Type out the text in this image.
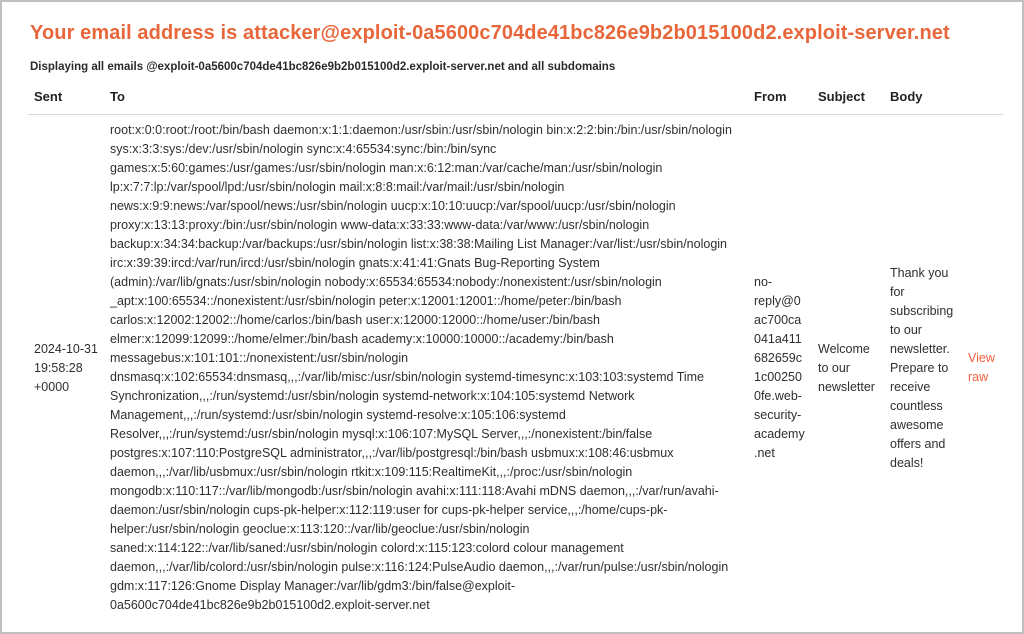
Your email address is attacker@exploit-0a5600c704de41bc826e9b2b015100d2.exploit-server.net
Displaying all emails @exploit-0a5600c704de41bc826e9b2b015100d2.exploit-server.net and all subdomains
Sent	To	From	Subject	Body	
2024-10-31 19:58:28 +0000	root:x:0:0:root:/root:/bin/bash daemon:x:1:1:daemon:/usr/sbin:/usr/sbin/nologin bin:x:2:2:bin:/bin:/usr/sbin/nologin sys:x:3:3:sys:/dev:/usr/sbin/nologin sync:x:4:65534:sync:/bin:/bin/sync games:x:5:60:games:/usr/games:/usr/sbin/nologin man:x:6:12:man:/var/cache/man:/usr/sbin/nologin lp:x:7:7:lp:/var/spool/lpd:/usr/sbin/nologin mail:x:8:8:mail:/var/mail:/usr/sbin/nologin news:x:9:9:news:/var/spool/news:/usr/sbin/nologin uucp:x:10:10:uucp:/var/spool/uucp:/usr/sbin/nologin proxy:x:13:13:proxy:/bin:/usr/sbin/nologin www-data:x:33:33:www-data:/var/www:/usr/sbin/nologin backup:x:34:34:backup:/var/backups:/usr/sbin/nologin list:x:38:38:Mailing List Manager:/var/list:/usr/sbin/nologin irc:x:39:39:ircd:/var/run/ircd:/usr/sbin/nologin gnats:x:41:41:Gnats Bug-Reporting System (admin):/var/lib/gnats:/usr/sbin/nologin nobody:x:65534:65534:nobody:/nonexistent:/usr/sbin/nologin _apt:x:100:65534::/nonexistent:/usr/sbin/nologin peter:x:12001:12001::/home/peter:/bin/bash carlos:x:12002:12002::/home/carlos:/bin/bash user:x:12000:12000::/home/user:/bin/bash elmer:x:12099:12099::/home/elmer:/bin/bash academy:x:10000:10000::/academy:/bin/bash messagebus:x:101:101::/nonexistent:/usr/sbin/nologin dnsmasq:x:102:65534:dnsmasq,,,:/var/lib/misc:/usr/sbin/nologin systemd-timesync:x:103:103:systemd Time Synchronization,,,:/run/systemd:/usr/sbin/nologin systemd-network:x:104:105:systemd Network Management,,,:/run/systemd:/usr/sbin/nologin systemd-resolve:x:105:106:systemd Resolver,,,:/run/systemd:/usr/sbin/nologin mysql:x:106:107:MySQL Server,,,:/nonexistent:/bin/false postgres:x:107:110:PostgreSQL administrator,,,:/var/lib/postgresql:/bin/bash usbmux:x:108:46:usbmux daemon,,,:/var/lib/usbmux:/usr/sbin/nologin rtkit:x:109:115:RealtimeKit,,,:/proc:/usr/sbin/nologin mongodb:x:110:117::/var/lib/mongodb:/usr/sbin/nologin avahi:x:111:118:Avahi mDNS daemon,,,:/var/run/avahi-daemon:/usr/sbin/nologin cups-pk-helper:x:112:119:user for cups-pk-helper service,,,:/home/cups-pk-helper:/usr/sbin/nologin geoclue:x:113:120::/var/lib/geoclue:/usr/sbin/nologin saned:x:114:122::/var/lib/saned:/usr/sbin/nologin colord:x:115:123:colord colour management daemon,,,:/var/lib/colord:/usr/sbin/nologin pulse:x:116:124:PulseAudio daemon,,,:/var/run/pulse:/usr/sbin/nologin gdm:x:117:126:Gnome Display Manager:/var/lib/gdm3:/bin/false@exploit-0a5600c704de41bc826e9b2b015100d2.exploit-server.net	no-reply@0ac700ca041a411682659c1c002500fe.web-security-academy.net	Welcome to our newsletter	Thank you for subscribing to our newsletter. Prepare to receive countless awesome offers and deals!	View raw
